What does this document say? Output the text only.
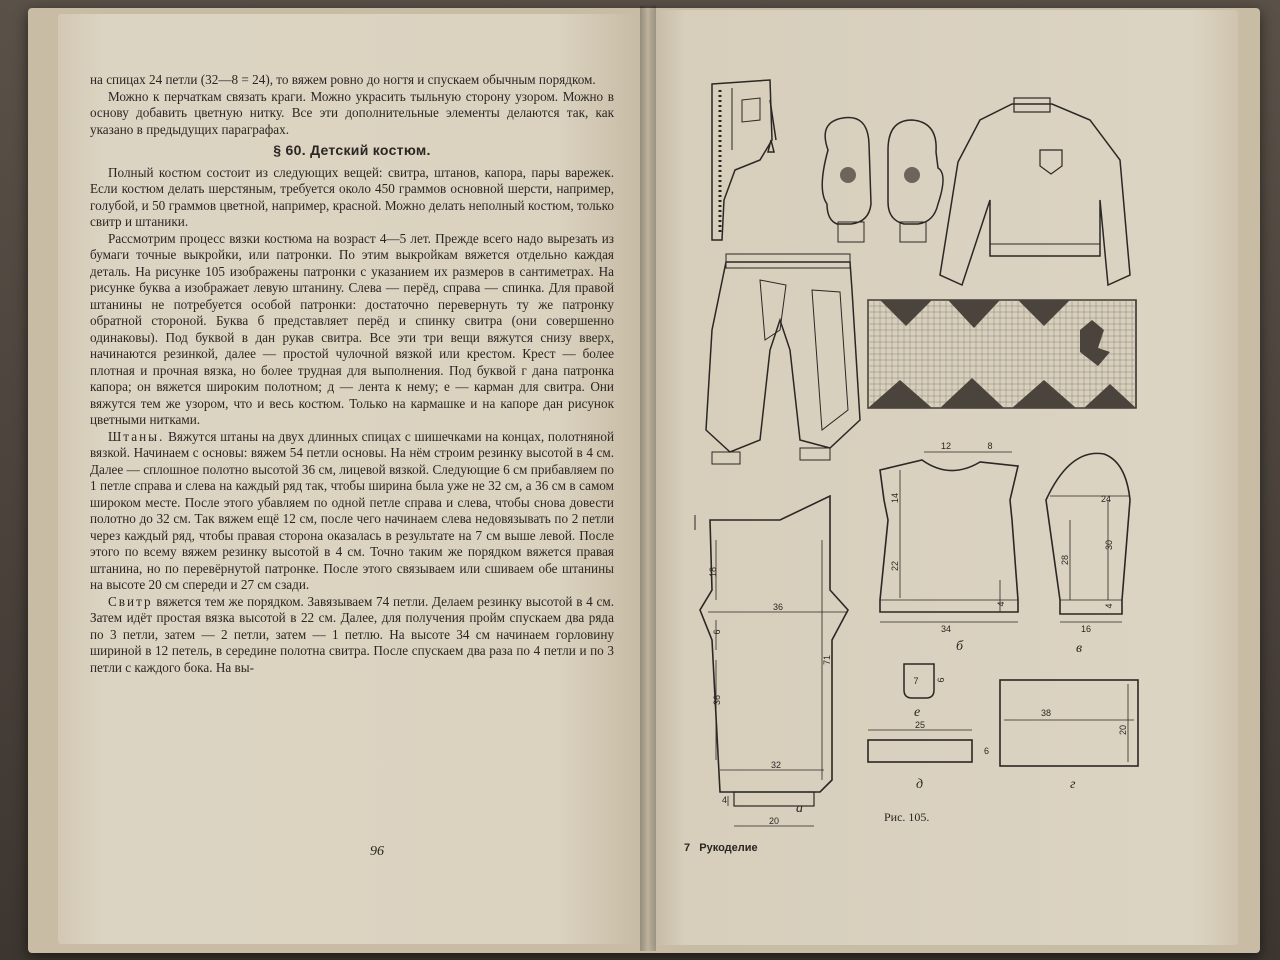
на спицах 24 петли (32—8 = 24), то вяжем ровно до ногтя и спускаем обычным порядком.

Можно к перчаткам связать краги. Можно украсить тыльную сторону узором. Можно в основу добавить цветную нитку. Все эти дополнительные элементы делаются так, как указано в предыдущих параграфах.

§ 60. Детский костюм.

Полный костюм состоит из следующих вещей: свитра, штанов, капора, пары варежек. Если костюм делать шерстяным, требуется около 450 граммов основной шерсти, например, голубой, и 50 граммов цветной, например, красной. Можно делать неполный костюм, только свитр и штаники.

Рассмотрим процесс вязки костюма на возраст 4—5 лет. Прежде всего надо вырезать из бумаги точные выкройки, или патронки. По этим выкройкам вяжется отдельно каждая деталь. На рисунке 105 изображены патронки с указанием их размеров в сантиметрах. На рисунке буква а изображает левую штанину. Слева — перёд, справа — спинка. Для правой штанины не потребуется особой патронки: достаточно перевернуть ту же патронку обратной стороной. Буква б представляет перёд и спинку свитра (они совершенно одинаковы). Под буквой в дан рукав свитра. Все эти три вещи вяжутся снизу вверх, начинаются резинкой, далее — простой чулочной вязкой или крестом. Крест — более плотная и прочная вязка, но более трудная для выполнения. Под буквой г дана патронка капора; он вяжется широким полотном; д — лента к нему; е — карман для свитра. Они вяжутся тем же узором, что и весь костюм. Только на кармашке и на капоре дан рисунок цветными нитками.

Штаны. Вяжутся штаны на двух длинных спицах с шишечками на концах, полотняной вязкой. Начинаем с основы: вяжем 54 петли основы. На нём строим резинку высотой в 4 см. Далее — сплошное полотно высотой 36 см, лицевой вязкой. Следующие 6 см прибавляем по 1 петле справа и слева на каждый ряд так, чтобы ширина была уже не 32 см, а 36 см в самом широком месте. После этого убавляем по одной петле справа и слева, чтобы снова довести полотно до 32 см. Так вяжем ещё 12 см, после чего начинаем слева недовязывать по 2 петли через каждый ряд, чтобы правая сторона оказалась в результате на 7 см выше левой. После этого по всему вяжем резинку высотой в 4 см. Точно таким же порядком вяжется правая штанина, но по перевёрнутой патронке. После этого связываем или сшиваем обе штанины на высоте 20 см спереди и 27 см сзади.

Свитр вяжется тем же порядком. Завязываем 74 петли. Делаем резинку высотой в 4 см. Затем идёт простая вязка высотой в 22 см. Далее, для получения пройм спускаем два ряда по 3 петли, затем — 2 петли, затем — 1 петлю. На высоте 34 см начинаем горловину шириной в 12 петель, в середине полотна свитра. После спускаем два раза по 4 петли и по 3 петли с каждого бока. На вы-

96
18
36
6
71
36
32
4
20
а
12	8
14
22
4
34
б
24
30
28
4
16
в
7 6
е
25
6
д
38
20
г
Рис. 105.
7 Рукоделие
